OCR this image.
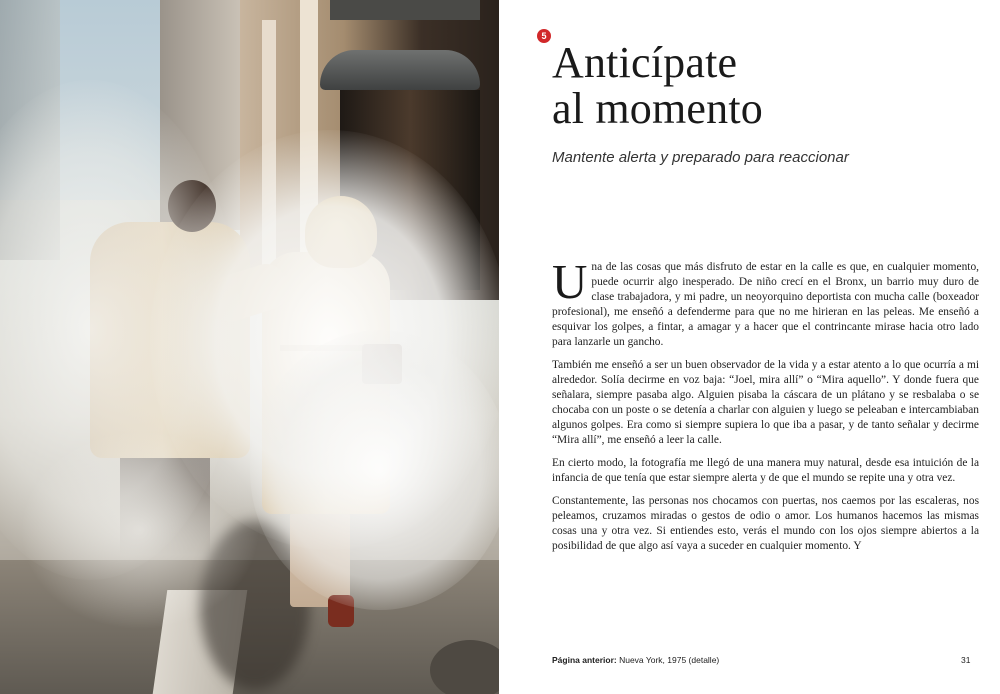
5
Anticípate
al momento

Mantente alerta y preparado para reaccionar

Una de las cosas que más disfruto de estar en la calle es que, en cualquier momento, puede ocurrir algo inesperado. De niño crecí en el Bronx, un barrio muy duro de clase trabajadora, y mi padre, un neoyorquino deportista con mucha calle (boxeador profesional), me enseñó a defenderme para que no me hirieran en las peleas. Me enseñó a esquivar los golpes, a fintar, a amagar y a hacer que el contrincante mirase hacia otro lado para lanzarle un gancho.

También me enseñó a ser un buen observador de la vida y a estar atento a lo que ocurría a mi alrededor. Solía decirme en voz baja: “Joel, mira allí” o “Mira aquello”. Y donde fuera que señalara, siempre pasaba algo. Alguien pisaba la cáscara de un plátano y se resbalaba o se chocaba con un poste o se detenía a charlar con alguien y luego se peleaban e intercambiaban algunos golpes. Era como si siempre supiera lo que iba a pasar, y de tanto señalar y decirme “Mira allí”, me enseñó a leer la calle.

En cierto modo, la fotografía me llegó de una manera muy natural, desde esa intuición de la infancia de que tenía que estar siempre alerta y de que el mundo se repite una y otra vez.

Constantemente, las personas nos chocamos con puertas, nos caemos por las escaleras, nos peleamos, cruzamos miradas o gestos de odio o amor. Los humanos hacemos las mismas cosas una y otra vez. Si entiendes esto, verás el mundo con los ojos siempre abiertos a la posibilidad de que algo así vaya a suceder en cualquier momento. Y

Página anterior: Nueva York, 1975 (detalle)	31
